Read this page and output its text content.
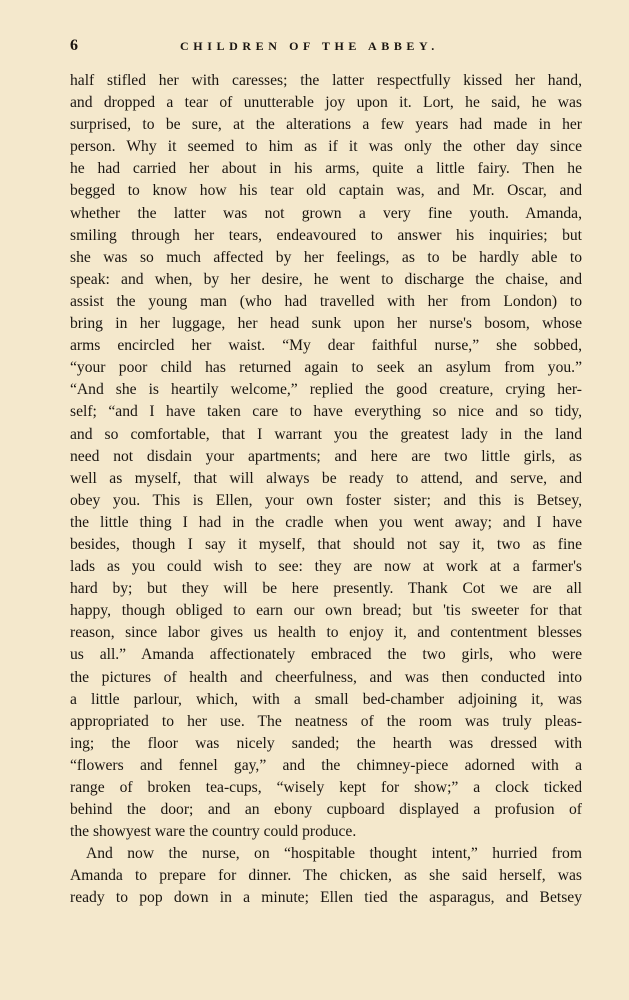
6	CHILDREN OF THE ABBEY.
half stifled her with caresses; the latter respectfully kissed her hand,
and dropped a tear of unutterable joy upon it. Lort, he said, he was
surprised, to be sure, at the alterations a few years had made in her
person. Why it seemed to him as if it was only the other day since
he had carried her about in his arms, quite a little fairy. Then he
begged to know how his tear old captain was, and Mr. Oscar, and
whether the latter was not grown a very fine youth. Amanda,
smiling through her tears, endeavoured to answer his inquiries; but
she was so much affected by her feelings, as to be hardly able to
speak: and when, by her desire, he went to discharge the chaise, and
assist the young man (who had travelled with her from London) to
bring in her luggage, her head sunk upon her nurse's bosom, whose
arms encircled her waist. “My dear faithful nurse,” she sobbed,
“your poor child has returned again to seek an asylum from you.”
“And she is heartily welcome,” replied the good creature, crying her-
self; “and I have taken care to have everything so nice and so tidy,
and so comfortable, that I warrant you the greatest lady in the land
need not disdain your apartments; and here are two little girls, as
well as myself, that will always be ready to attend, and serve, and
obey you. This is Ellen, your own foster sister; and this is Betsey,
the little thing I had in the cradle when you went away; and I have
besides, though I say it myself, that should not say it, two as fine
lads as you could wish to see: they are now at work at a farmer's
hard by; but they will be here presently. Thank Cot we are all
happy, though obliged to earn our own bread; but 'tis sweeter for that
reason, since labor gives us health to enjoy it, and contentment blesses
us all.” Amanda affectionately embraced the two girls, who were
the pictures of health and cheerfulness, and was then conducted into
a little parlour, which, with a small bed-chamber adjoining it, was
appropriated to her use. The neatness of the room was truly pleas-
ing; the floor was nicely sanded; the hearth was dressed with
“flowers and fennel gay,” and the chimney-piece adorned with a
range of broken tea-cups, “wisely kept for show;” a clock ticked
behind the door; and an ebony cupboard displayed a profusion of
the showyest ware the country could produce.
And now the nurse, on “hospitable thought intent,” hurried from
Amanda to prepare for dinner. The chicken, as she said herself, was
ready to pop down in a minute; Ellen tied the asparagus, and Betsey
